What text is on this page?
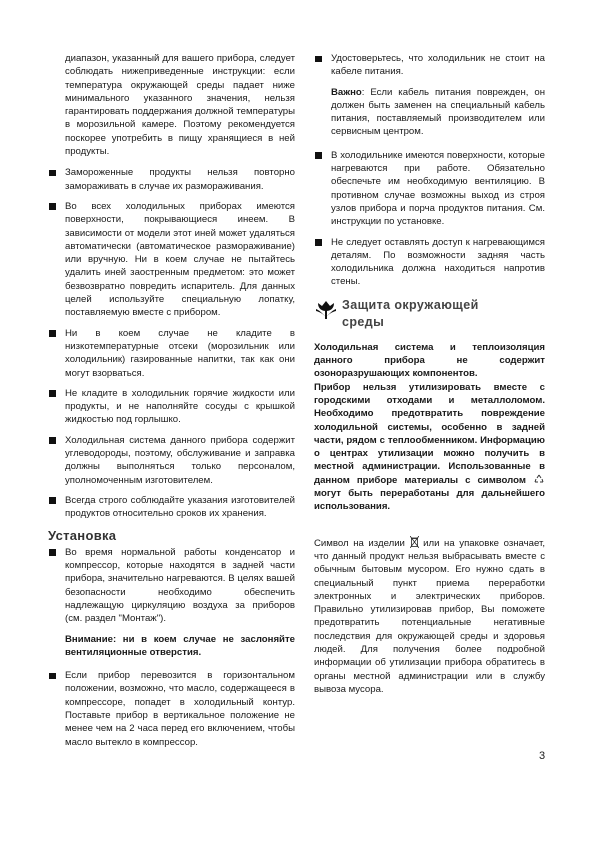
диапазон, указанный для вашего прибора, следует соблюдать нижеприведенные инструкции: если температура окружающей среды падает ниже минимального указанного значения, нельзя гарантировать поддержания должной температуры в морозильной камере. Поэтому рекомендуется поскорее употребить в пищу хранящиеся в ней продукты.

Замороженные продукты нельзя повторно замораживать в случае их размораживания.
Во всех холодильных приборах имеются поверхности, покрывающиеся инеем. В зависимости от модели этот иней может удаляться автоматически (автоматическое размораживание) или вручную. Ни в коем случае не пытайтесь удалить иней заостренным предметом: это может безвозвратно повредить испаритель. Для данных целей используйте специальную лопатку, поставляемую вместе с прибором.
Ни в коем случае не кладите в низкотемпературные отсеки (морозильник или холодильник) газированные напитки, так как они могут взорваться.
Не кладите в холодильник горячие жидкости или продукты, и не наполняйте сосуды с крышкой жидкостью под горлышко.
Холодильная система данного прибора содержит углеводороды, поэтому, обслуживание и заправка должны выполняться только персоналом, уполномоченным изготовителем.
Всегда строго соблюдайте указания изготовителей продуктов относительно сроков их хранения.
Установка
Во время нормальной работы конденсатор и компрессор, которые находятся в задней части прибора, значительно нагреваются. В целях вашей безопасности необходимо обеспечить надлежащую циркуляцию воздуха за приборов (см. раздел "Монтаж").
Внимание: ни в коем случае не заслоняйте вентиляционные отверстия.
Если прибор перевозится в горизонтальном положении, возможно, что масло, содержащееся в компрессоре, попадет в холодильный контур. Поставьте прибор в вертикальное положение не менее чем на 2 часа перед его включением, чтобы масло вытекло в компрессор.
Удостоверьтесь, что холодильник не стоит на кабеле питания.
Важно: Если кабель питания поврежден, он должен быть заменен на специальный кабель питания, поставляемый производителем или сервисным центром.
В холодильнике имеются поверхности, которые нагреваются при работе. Обязательно обеспечьте им необходимую вентиляцию. В противном случае возможны выход из строя узлов прибора и порча продуктов питания. См. инструкции по установке.
Не следует оставлять доступ к нагревающимся деталям. По возможности задняя часть холодильника должна находиться напротив стены.
Защита окружающей
среды

Холодильная система и теплоизоляция данного прибора не содержит озоноразрушающих компонентов.

Прибор нельзя утилизировать вместе с городскими отходами и металлоломом. Необходимо предотвратить повреждение холодильной системы, особенно в задней части, рядом с теплообменником. Информацию о центрах утилизации можно получить в местной администрации. Использованные в данном приборе материалы с символом  могут быть переработаны для дальнейшего использования.

Символ на изделии или на упаковке означает, что данный продукт нельзя выбрасывать вместе с обычным бытовым мусором. Его нужно сдать в специальный пункт приема переработки электронных и электрических приборов. Правильно утилизировав прибор, Вы поможете предотвратить потенциальные негативные последствия для окружающей среды и здоровья людей. Для получения более подробной информации об утилизации прибора обратитесь в органы местной администрации или в службу вывоза мусора.

3
